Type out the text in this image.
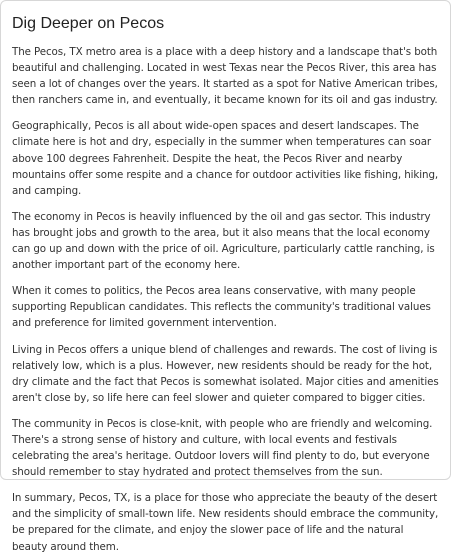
Dig Deeper on Pecos

The Pecos, TX metro area is a place with a deep history and a landscape that's both beautiful and challenging. Located in west Texas near the Pecos River, this area has seen a lot of changes over the years. It started as a spot for Native American tribes, then ranchers came in, and eventually, it became known for its oil and gas industry.

Geographically, Pecos is all about wide-open spaces and desert landscapes. The climate here is hot and dry, especially in the summer when temperatures can soar above 100 degrees Fahrenheit. Despite the heat, the Pecos River and nearby mountains offer some respite and a chance for outdoor activities like fishing, hiking, and camping.

The economy in Pecos is heavily influenced by the oil and gas sector. This industry has brought jobs and growth to the area, but it also means that the local economy can go up and down with the price of oil. Agriculture, particularly cattle ranching, is another important part of the economy here.

When it comes to politics, the Pecos area leans conservative, with many people supporting Republican candidates. This reflects the community's traditional values and preference for limited government intervention.

Living in Pecos offers a unique blend of challenges and rewards. The cost of living is relatively low, which is a plus. However, new residents should be ready for the hot, dry climate and the fact that Pecos is somewhat isolated. Major cities and amenities aren't close by, so life here can feel slower and quieter compared to bigger cities.

The community in Pecos is close-knit, with people who are friendly and welcoming. There's a strong sense of history and culture, with local events and festivals celebrating the area's heritage. Outdoor lovers will find plenty to do, but everyone should remember to stay hydrated and protect themselves from the sun.

In summary, Pecos, TX, is a place for those who appreciate the beauty of the desert and the simplicity of small-town life. New residents should embrace the community, be prepared for the climate, and enjoy the slower pace of life and the natural beauty around them.
